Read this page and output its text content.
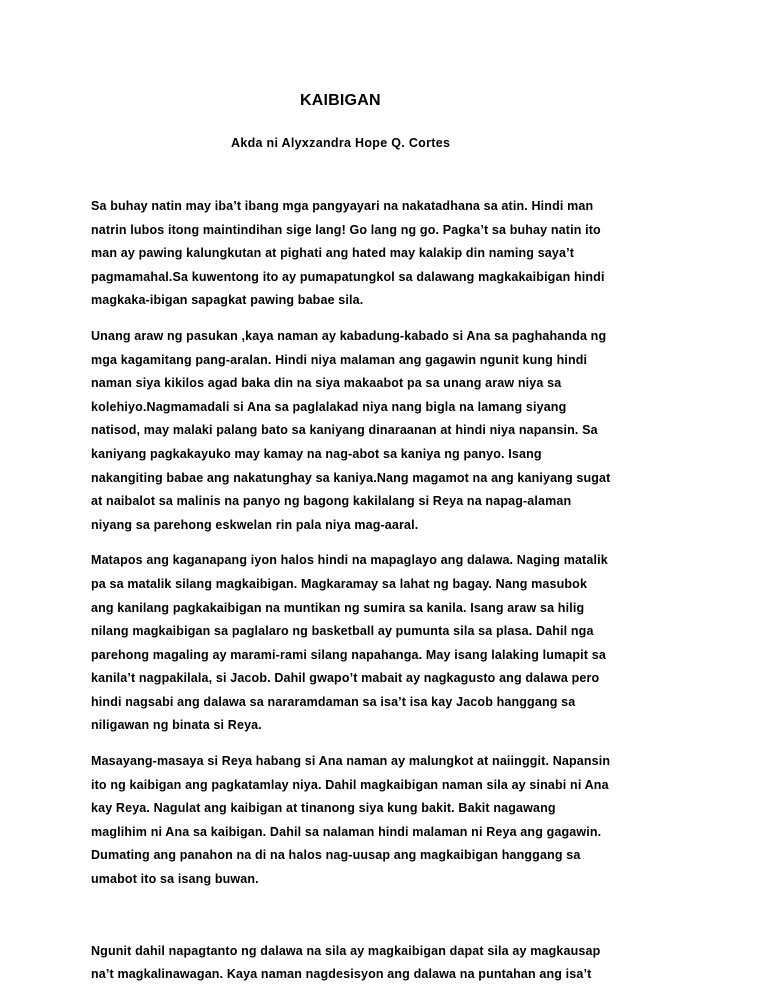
KAIBIGAN
Akda ni Alyxzandra Hope Q. Cortes
Sa buhay natin may iba’t ibang mga pangyayari na nakatadhana sa atin. Hindi man
natrin lubos itong maintindihan sige lang! Go lang ng go. Pagka’t sa buhay natin ito
man ay pawing kalungkutan at pighati ang hated may kalakip din naming saya’t
pagmamahal.Sa kuwentong ito ay pumapatungkol sa dalawang magkakaibigan hindi
magkaka-ibigan sapagkat pawing babae sila.
Unang araw ng pasukan ,kaya naman ay kabadung-kabado si Ana sa paghahanda ng
mga kagamitang pang-aralan. Hindi niya malaman ang gagawin ngunit kung hindi
naman siya kikilos agad baka din na siya makaabot pa sa unang araw niya sa
kolehiyo.Nagmamadali si Ana sa paglalakad niya nang bigla na lamang siyang
natisod, may malaki palang bato sa kaniyang dinaraanan at hindi niya napansin. Sa
kaniyang pagkakayuko may kamay na nag-abot sa kaniya ng panyo. Isang
nakangiting babae ang nakatunghay sa kaniya.Nang magamot na ang kaniyang sugat
at naibalot sa malinis na panyo ng bagong kakilalang si Reya na napag-alaman
niyang sa parehong eskwelan rin pala niya mag-aaral.
Matapos ang kaganapang iyon halos hindi na mapaglayo ang dalawa. Naging matalik
pa sa matalik silang magkaibigan. Magkaramay sa lahat ng bagay. Nang masubok
ang kanilang pagkakaibigan na muntikan ng sumira sa kanila. Isang araw sa hilig
nilang magkaibigan sa paglalaro ng basketball ay pumunta sila sa plasa. Dahil nga
parehong magaling ay marami-rami silang napahanga. May isang lalaking lumapit sa
kanila’t nagpakilala, si Jacob. Dahil gwapo’t mabait ay nagkagusto ang dalawa pero
hindi nagsabi ang dalawa sa nararamdaman sa isa’t isa kay Jacob hanggang sa
niligawan ng binata si Reya.
Masayang-masaya si Reya habang si Ana naman ay malungkot at naiinggit. Napansin
ito ng kaibigan ang pagkatamlay niya. Dahil magkaibigan naman sila ay sinabi ni Ana
kay Reya. Nagulat ang kaibigan at tinanong siya kung bakit. Bakit nagawang
maglihim ni Ana sa kaibigan. Dahil sa nalaman hindi malaman ni Reya ang gagawin.
Dumating ang panahon na di na halos nag-uusap ang magkaibigan hanggang sa
umabot ito sa isang buwan.
Ngunit dahil napagtanto ng dalawa na sila ay magkaibigan dapat sila ay magkausap
na’t magkalinawagan. Kaya naman nagdesisyon ang dalawa na puntahan ang isa’t
